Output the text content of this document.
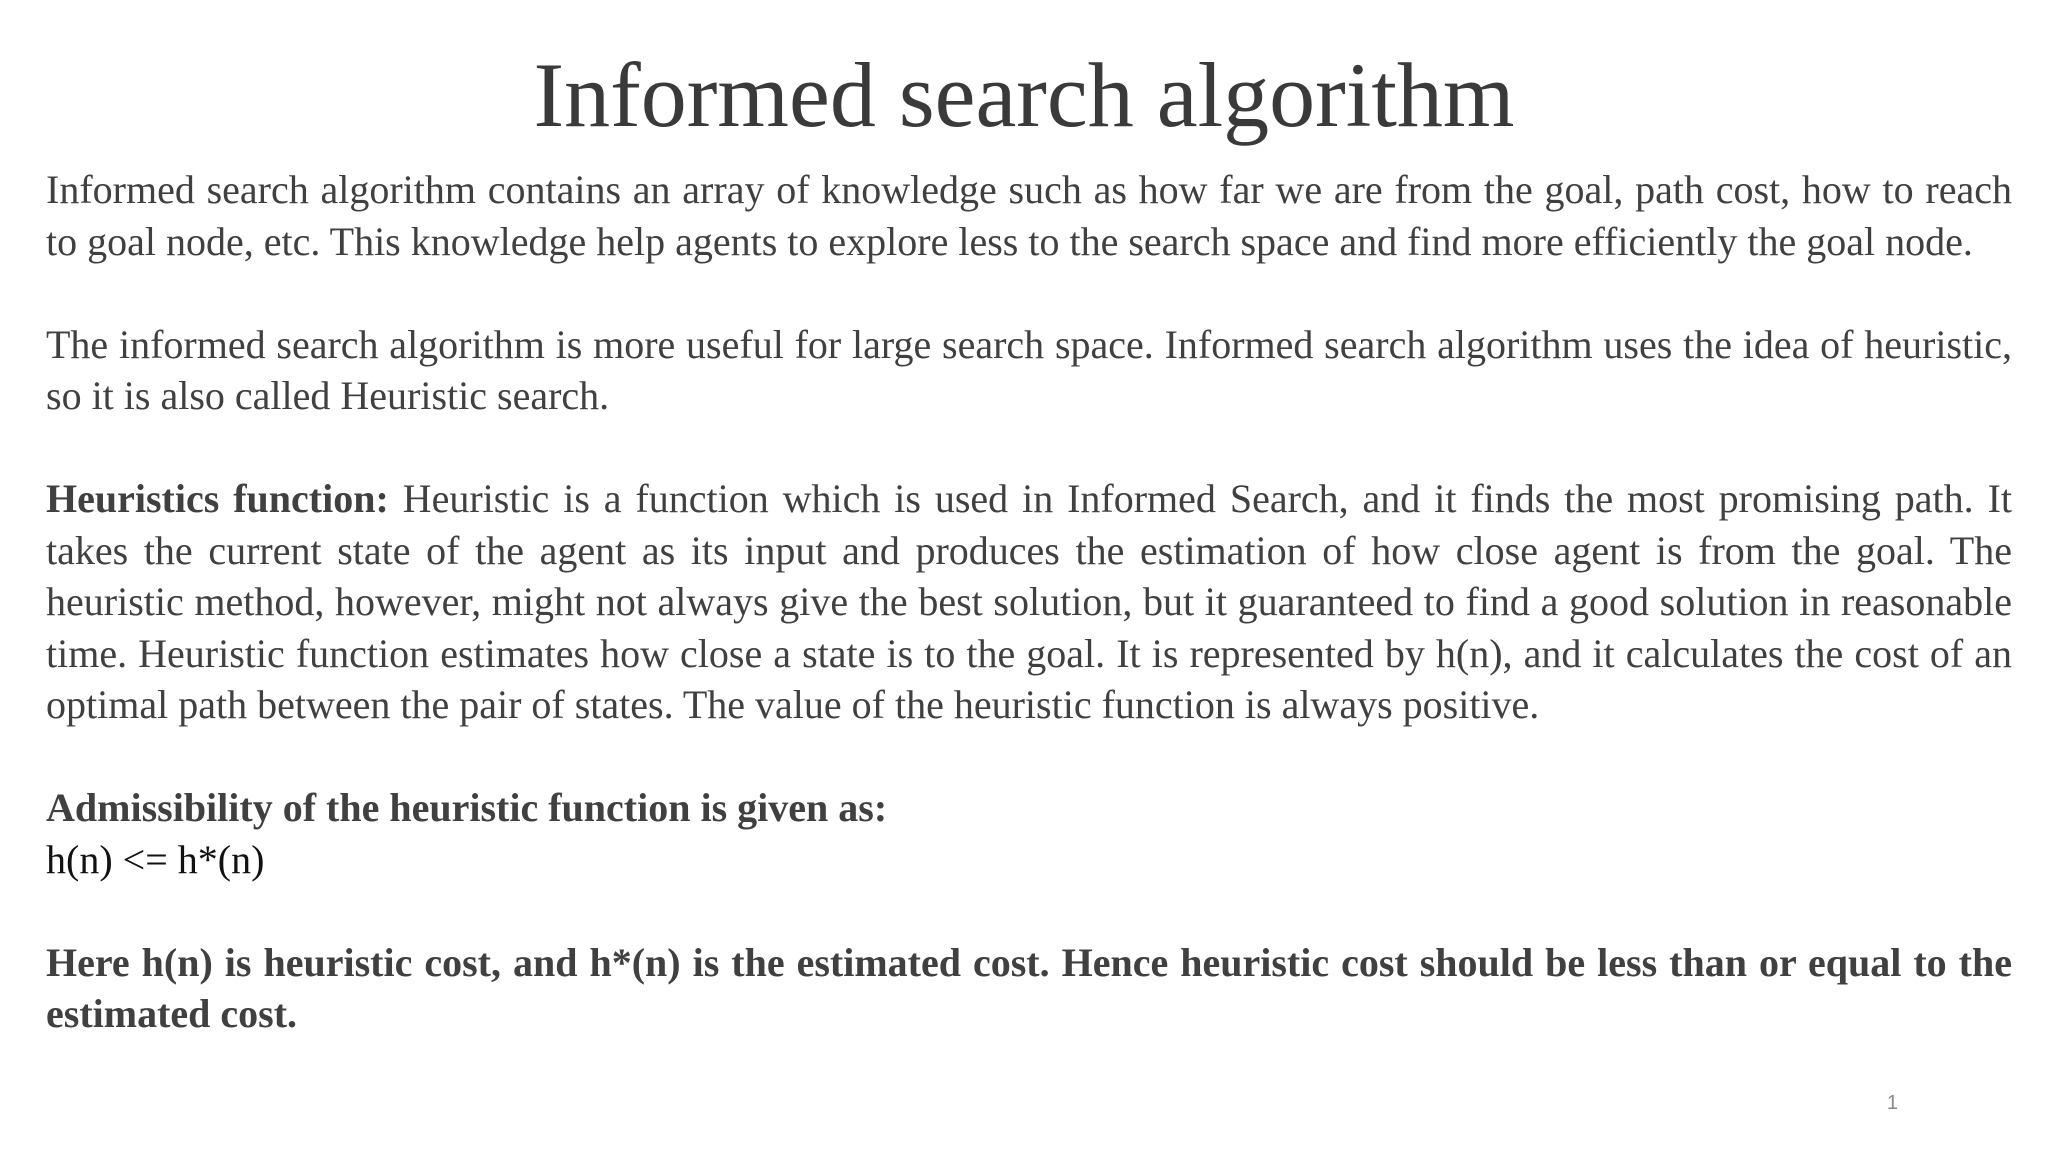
Informed search algorithm

Informed search algorithm contains an array of knowledge such as how far we are from the goal, path cost, how to reach to goal node, etc. This knowledge help agents to explore less to the search space and find more efficiently the goal node.

The informed search algorithm is more useful for large search space. Informed search algorithm uses the idea of heuristic, so it is also called Heuristic search.

Heuristics function: Heuristic is a function which is used in Informed Search, and it finds the most promising path. It takes the current state of the agent as its input and produces the estimation of how close agent is from the goal. The heuristic method, however, might not always give the best solution, but it guaranteed to find a good solution in reasonable time. Heuristic function estimates how close a state is to the goal. It is represented by h(n), and it calculates the cost of an optimal path between the pair of states. The value of the heuristic function is always positive.

Admissibility of the heuristic function is given as:

h(n) <= h*(n)

Here h(n) is heuristic cost, and h*(n) is the estimated cost. Hence heuristic cost should be less than or equal to the estimated cost.

1
